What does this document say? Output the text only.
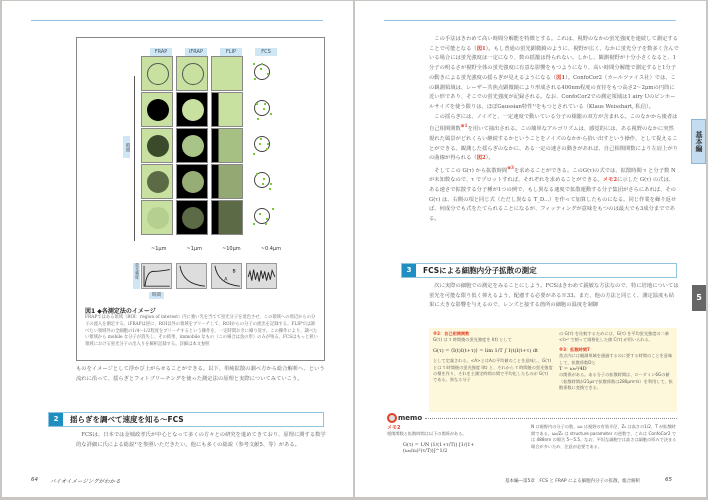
FRAP	iFRAP	FLIP	FCS
時間
~1μm	~1μm	~10μm	~0.4μm
蛍光強度
時間
B
A
図1 ◆各測定法のイメージ
FRAPではある領域（ROI：region of interest）内に強い光を当てて蛍光分子を退色させ、この領域への周辺からの分子の流入を測定する。iFRAPは逆に、ROI以外の領域をブリーチして、ROIからの分子の流出を記録する。FLIPでは調べたい領域外の全細胞の1/4〜1/2程度をブリーチするという操作を、一定時間おきに繰り返す。この操作により、調べたい領域から mobile な分子が消失し、その結果、immobile なもの（この場合は魚の形）のみが残る。FCSはもっと狭い領域における蛍光分子の出入りを解析記録する。詳細は本文参照
ものをイメージとして浮かび上がらせることができる。以下、単純拡散の調べ方から総合解析へ、という流れに沿って、揺らぎとフォトブリーチングを使った測定法の原理と実際についてみていこう。
2	揺らぎを調べて速度を知る〜FCS
FCSは、日本では金城政孝氏が中心となって多くの方々との研究を進めてきており、原理に関する数学的な詳細に氏による総説¹⁾を参照いただきたい。他にも多くの総説（参考文献5、等）がある。
64 バイオイメージングがわかる

この手法はきわめて高い時間分解能を特徴とする。これは、視野のなかの蛍光強度を連続して測定することで可能となる（図1）。もし普通の蛍光顕微鏡のように、視野が広く、なかに蛍光分子を数多く含んでいる場合には蛍光強度は一定になり、数の揺籠は得られない。しかし、観測視野が十分小さくなると、1分子の明るさが視野全体の蛍光強度に有意な影響をもつようになり、高い時間分解能で測定すると1分子の動きによる蛍光強度の揺らぎが見えるようになる（図1）。ConfoCor2（カールツァイス社）では、この観測領域は、レーザー共焦点顕微鏡により形成される400nm程度の直径をもつ高さ2〜2μmの円筒に近い形であり、そこでの蛍光強度が記録される。なお、ConfoCor2での測定領域は1 airy Uのピンホールサイズを使う限りは、ほぼGaussian特性¹⁾をもつとされている（Klaus Weisshart, 私信）。

この揺らぎには、ノイズと、一定速度で動いている分子の様籠の双方が含まれる。このなかから後者は自己相関関数$^{※1}$を用いて抽出される。この簡単なアルゴリズムは、感覚的には、ある視野のなかに突然現れた風景がどれくらい継続するかということをノイズのなかから拾い出すという操作、として捉えることができる。観測した揺らぎのなかに、ある一定の速さの動きがあれば、自己相関関数により左肩上がりの曲線が得られる（図2）。

そしてこの G(τ) から拡散時間$^{※3}$を求めることができる。このG(τ)の式では、拡散時間 τ と分子数 N が未知数なので、τ でプロットすれば、それぞれを求めることができる。メモ2に示した G(τ) の式は、ある速さで拡散する分子種が1つの例で、もし異なる速度で拡散運動する分子集団がさらにあれば、その G(τ) は、右側の項と同じ式（ただし異なる T_D...）を作って加算したものになる。同じ作業を繰り返せば、何成分でも式をたてられることになるが、フィッティングが意味をもつのは最大でも3成分までである。

基本編
5
3	FCSによる細胞内分子拡散の測定
次に実際の細胞での測定をみることにしよう。FCSはきわめて鋭敏な方法なので、特に培地については蛍光を可能な限り低く抑えるよう、配慮する必要がある※33。また、他の方法と同じく、測定温度も結果に大きな影響を与えるので、レンズと接する箇所の細胞の温度を制御
※2：自己相関関数
G(τ) は τ 時間後の蛍光強度を I(t) として
G(τ) = ⟨I(t)I(t+τ)⟩ = lim 1/T ∫ I(t)I(t+τ) dt
として定義される。<A>とはAの平均値のことを意味し、G(τ)とは τ 時間後の蛍光強度 I(t) と、それから τ 時間後の蛍光強度の積を作り、それを主測定時間の間で平均化したものが G(τ) である。異なる分子
の G(τ) を比較するためには、G(τ) を平均蛍光強度の二乗 <I>² で割って規格化した値 C(τ) が用いられる。
※3：拡散時間T
焦点内には観測領域を通過するのに要する時間のことを意味して、拡散係数Dと
T = ω₀²/4D
の関係がある。ある分子の拡散時間は、ローダミン6Gの値（拡散時間が21μsで拡散係数は280μm²/s）を利用して、拡散係数に変換できる。
memo
メモ2
相関関数と拡散時間は以下の関係がある。
G(τ) = 1/N (1/(1+τ/T)) [1/(1+(ω₀/z₀)²(τ/T))]^1/2
N は視野内の分子の数、ω₀ は視野の有効半径、Z₀ は高さの1/2、T が拡散時間である。ω₀/Z₀ は structure parameter の逆数で、これは ConfoCor2 では 488nm の場合 5〜5.5。なお、平坦な細胞では高さは細胞の厚みで決まる場合が多いため、注意が必要である。
基本編―第5章　FCS と FRAP による細胞内分子の拡散、総合解析	65
